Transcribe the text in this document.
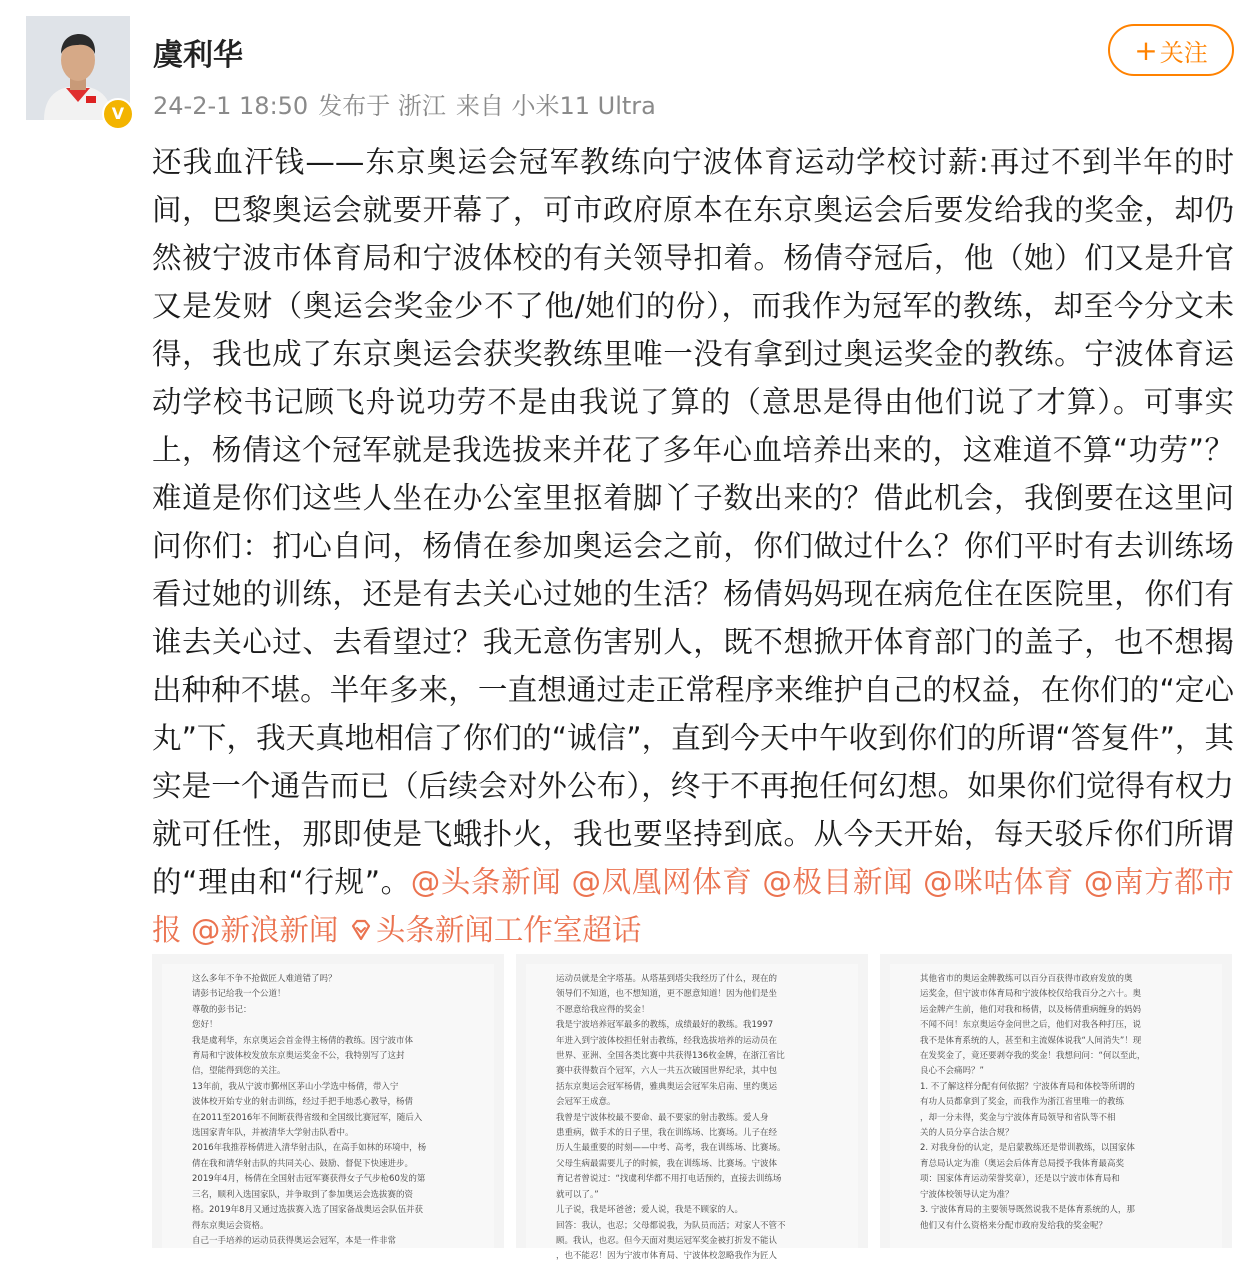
V
虞利华
24-2-1 18:50 发布于 浙江 来自 小米11 Ultra
+ 关注
还我血汗钱——东京奥运会冠军教练向宁波体育运动学校讨薪:再过不到半年的时间，巴黎奥运会就要开幕了，可市政府原本在东京奥运会后要发给我的奖金，却仍然被宁波市体育局和宁波体校的有关领导扣着。杨倩夺冠后，他（她）们又是升官又是发财（奥运会奖金少不了他/她们的份），而我作为冠军的教练，却至今分文未得，我也成了东京奥运会获奖教练里唯一没有拿到过奥运奖金的教练。宁波体育运动学校书记顾飞舟说功劳不是由我说了算的（意思是得由他们说了才算）。可事实上，杨倩这个冠军就是我选拔来并花了多年心血培养出来的，这难道不算“功劳”？难道是你们这些人坐在办公室里抠着脚丫子数出来的？借此机会，我倒要在这里问问你们：扪心自问，杨倩在参加奥运会之前，你们做过什么？你们平时有去训练场看过她的训练，还是有去关心过她的生活？杨倩妈妈现在病危住在医院里，你们有谁去关心过、去看望过？我无意伤害别人，既不想掀开体育部门的盖子，也不想揭出种种不堪。半年多来，一直想通过走正常程序来维护自己的权益，在你们的“定心丸”下，我天真地相信了你们的“诚信”，直到今天中午收到你们的所谓“答复件”，其实是一个通告而已（后续会对外公布），终于不再抱任何幻想。如果你们觉得有权力就可任性，那即使是飞蛾扑火，我也要坚持到底。从今天开始，每天驳斥你们所谓的“理由和“行规”。@头条新闻 @凤凰网体育 @极目新闻 @咪咕体育 @南方都市报 @新浪新闻 头条新闻工作室超话
这么多年不争不抢做匠人难道错了吗？
请彭书记给我一个公道！
尊敬的彭书记：
您好！
我是虞利华，东京奥运会首金得主杨倩的教练。因宁波市体
育局和宁波体校发放东京奥运奖金不公，我特别写了这封
信，望能得到您的关注。
13年前，我从宁波市鄞州区茅山小学选中杨倩，带入宁
波体校开始专业的射击训练，经过手把手地悉心教导，杨倩
在2011至2016年不间断获得省级和全国级比赛冠军，随后入
选国家青年队，并被清华大学射击队看中。
2016年我推荐杨倩进入清华射击队，在高手如林的环境中，杨
倩在我和清华射击队的共同关心、鼓励、督促下快速进步。
2019年4月，杨倩在全国射击冠军赛获得女子气步枪60发的第
三名，顺利入选国家队，并争取到了参加奥运会选拔赛的资
格。2019年8月又通过选拔赛入选了国家备战奥运会队伍并获
得东京奥运会资格。
自己一手培养的运动员获得奥运会冠军，本是一件非常
运动员就是全字塔基。从塔基到塔尖我经历了什么，现在的
领导们不知道，也不想知道，更不愿意知道！因为他们是坐
不愿意给我应得的奖金！
我是宁波培养冠军最多的教练，成绩最好的教练。我1997
年进入到宁波体校担任射击教练，经我选拔培养的运动员在
世界、亚洲、全国各类比赛中共获得136枚金牌，在浙江省比
赛中获得数百个冠军，六人一共五次破国世界纪录，其中包
括东京奥运会冠军杨倩，雅典奥运会冠军朱启南、里约奥运
会冠军王成意。
我曾是宁波体校最不要命、最不要家的射击教练。爱人身
患重病，做手术的日子里，我在训练场、比赛场。儿子在经
历人生最重要的时刻——中考、高考，我在训练场、比赛场。
父母生病最需要儿子的时候，我在训练场、比赛场。宁波体
育记者曾说过：“找虞利华都不用打电话预约，直接去训练场
就可以了。”
儿子说，我是坏爸爸；爱人说，我是不顾家的人。
回答：我认，也忍；父母都说我，为队员而活；对家人不管不
顾。我认，也忍。但今天面对奥运冠军奖金被打折发不能认
，也不能忍！因为宁波市体育局、宁波体校忽略我作为匠人
其他省市的奥运金牌教练可以百分百获得市政府发放的奥
运奖金，但宁波市体育局和宁波体校仅给我百分之六十。奥
运金牌产生前，他们对我和杨倩，以及杨倩重病缠身的妈妈
不闻不问！东京奥运夺金问世之后，他们对我各种打压，说
我不是体育系统的人，甚至和主流媒体说我“人间消失”！现
在发奖金了，竟还要剥夺我的奖金！我想问问：“何以至此，
良心不会痛吗？”
1. 不了解这样分配有何依据？宁波体育局和体校等所谓的
有功人员都拿到了奖金，而我作为浙江省里唯一的教练
，却一分未得，奖金与宁波体育局领导和省队等不相
关的人员分享合法合规？
2. 对我身份的认定，是启蒙教练还是带训教练，以国家体
育总局认定为准（奥运会后体育总局授予我体育最高奖
项：国家体育运动荣誉奖章），还是以宁波市体育局和
宁波体校领导认定为准？
3. 宁波体育局的主要领导既然说我不是体育系统的人，那
他们又有什么资格来分配市政府发给我的奖金呢？
